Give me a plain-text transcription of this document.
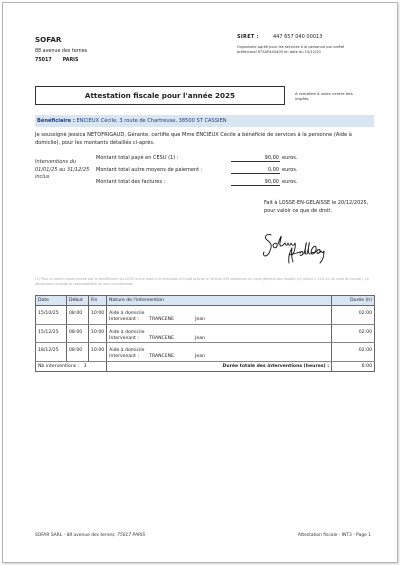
SOFAR
88 avenue des ternes
75017 PARIS
SIRET :	447 657 040 00013
Organisme agréé pour les services à la personne par arrêté préfectoral N°SAP440409 en date du 15/12/20
Attestation fiscale pour l'année 2025	A remettre à votre centre des impôts.
Bénéficiaire :
ENCIEUX Cécile, 3 route de Chartreuse, 38500 ST CASSIEN
Je soussigné Jessica NETOFRIGAUD, Gérante, certifie que Mme ENCIEUX Cécile a bénéficié de services à la personne (Aide à domicile), pour les montants détaillés ci-après.
Interventions du 01/01/25 au 31/12/25 inclus
Montant total payé en CESU (1) :	90,00 euros.
Montant total autre moyens de paiement :	0,00 euros.
Montant total des factures :	90,00 euros.
Fait à LOSSE-EN-GELAISSE le 20/12/2025, pour valoir ce que de droit.
(1) Pour la partie autofinancée par le bénéficiaire du CESU ouvre droit à la réduction d'impôt prévue à l'article 199 sexdecies du code général des impôts (cf. article L 129-15 du code du travail). La déclaration engage la responsabilité du seul contribuable.
Date	Début	Fin	Nature de l'intervention	Durée (h)
15/10/25	08:00	10:00	Aide à domicile	02:00
			Intervenant : TRANCENE Jean	
15/12/25	08:00	10:00	Aide à domicile	02:00
			Intervenant : TRANCENE Jean	
18/12/25	08:00	10:00	Aide à domicile	02:00
			Intervenant : TRANCENE Jean	
Nb interventions : 3			Durée totale des interventions (heures) :	6:00
SOFAR SARL - 88 avenue des ternes, 75017 PARIS	Attestation fiscale - INT3 - Page 1
